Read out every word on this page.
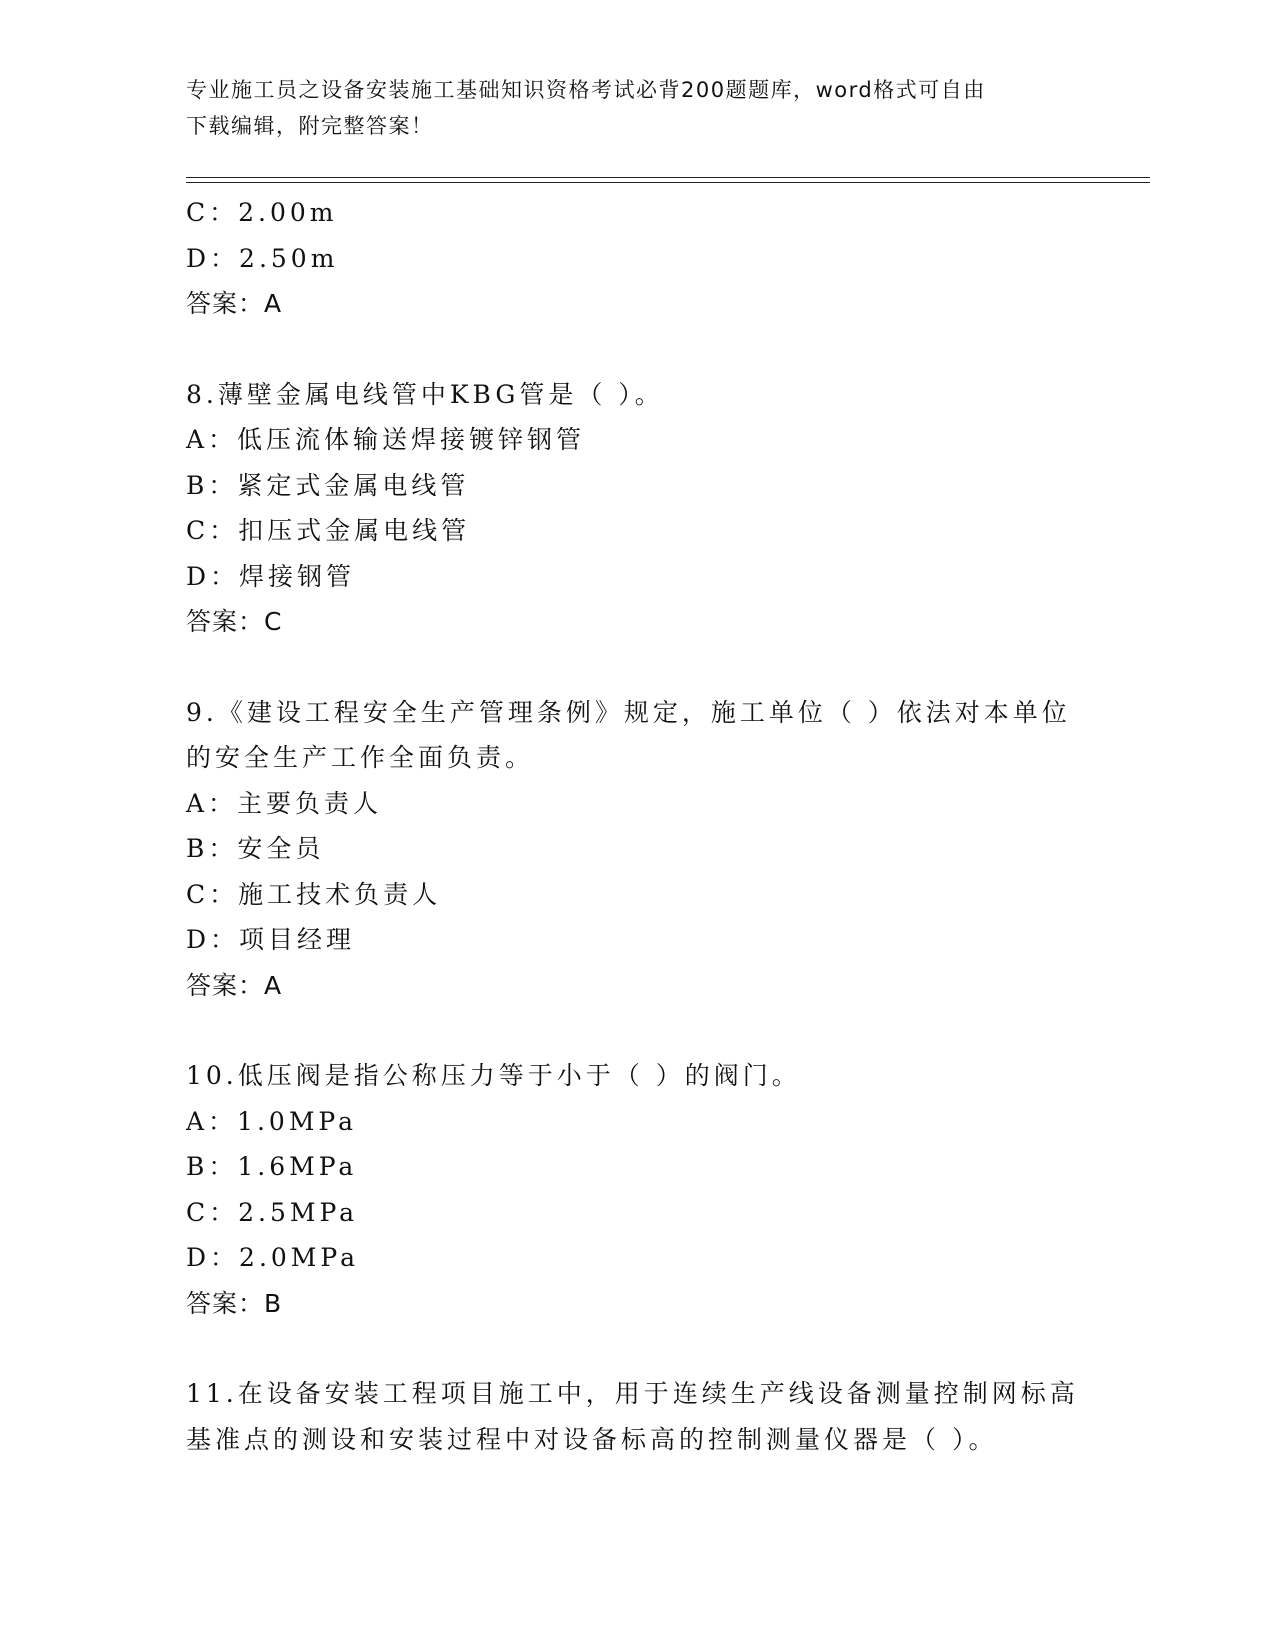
专业施工员之设备安装施工基础知识资格考试必背200题题库，word格式可自由
下载编辑，附完整答案！
C：2.00m
D：2.50m
答案：A
8.薄壁金属电线管中KBG管是（ ）。
A：低压流体输送焊接镀锌钢管
B：紧定式金属电线管
C：扣压式金属电线管
D：焊接钢管
答案：C
9.《建设工程安全生产管理条例》规定，施工单位（ ）依法对本单位
的安全生产工作全面负责。
A：主要负责人
B：安全员
C：施工技术负责人
D：项目经理
答案：A
10.低压阀是指公称压力等于小于（ ）的阀门。
A：1.0MPa
B：1.6MPa
C：2.5MPa
D：2.0MPa
答案：B
11.在设备安装工程项目施工中，用于连续生产线设备测量控制网标高
基准点的测设和安装过程中对设备标高的控制测量仪器是（ ）。
